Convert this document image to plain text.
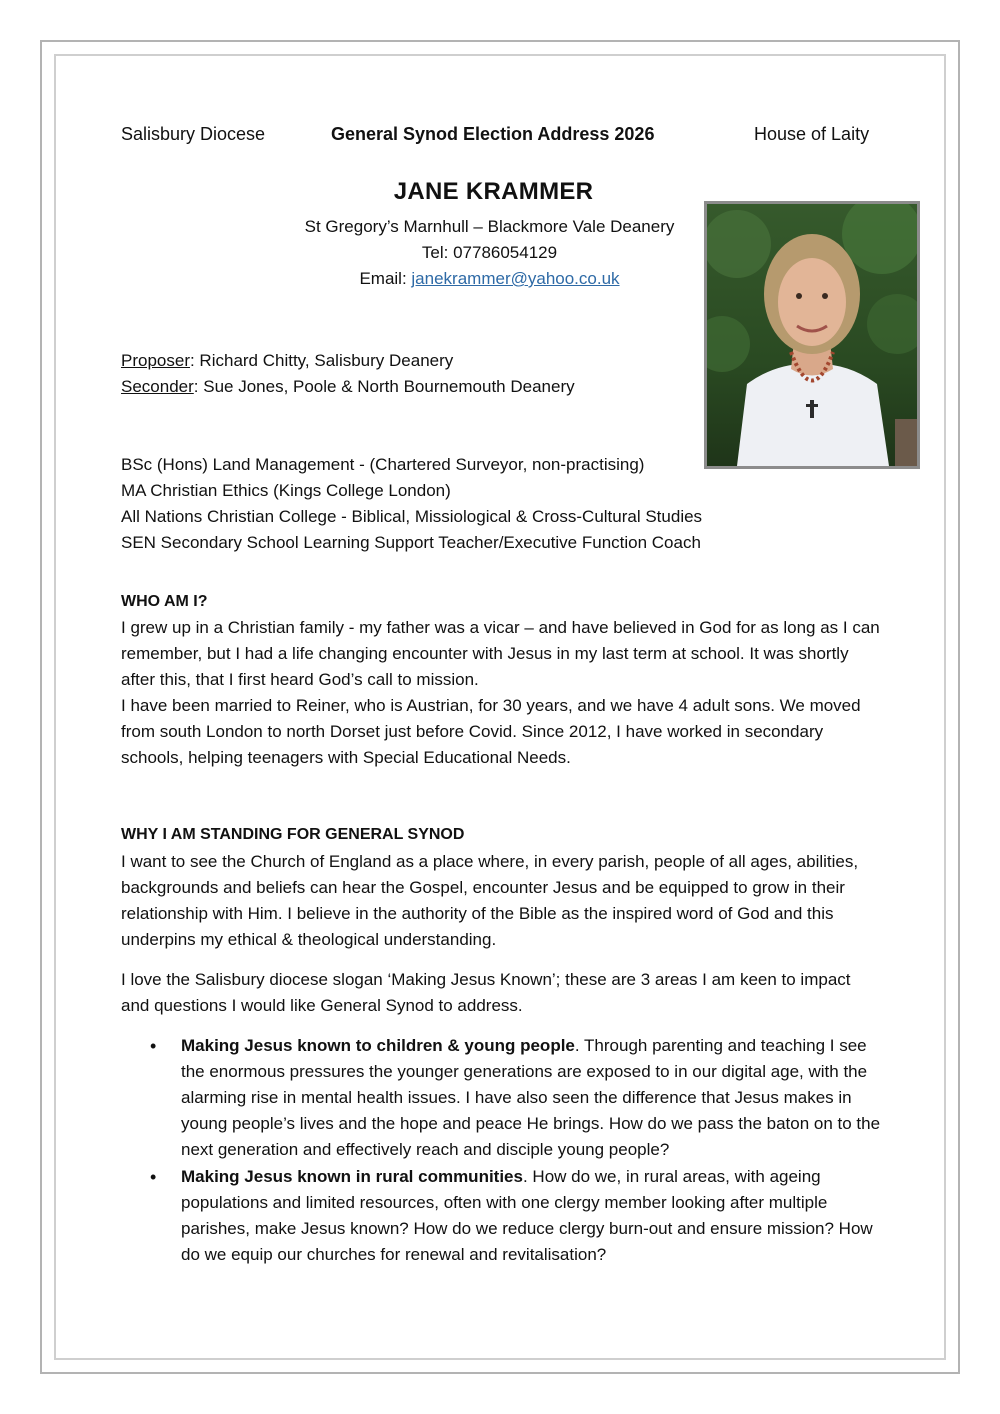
Salisbury Diocese	General Synod Election Address 2026	House of Laity
JANE KRAMMER
St Gregory’s Marnhull – Blackmore Vale Deanery
Tel: 07786054129
Email: janekrammer@yahoo.co.uk
Proposer: Richard Chitty, Salisbury Deanery
Seconder: Sue Jones, Poole & North Bournemouth Deanery
BSc (Hons) Land Management - (Chartered Surveyor, non-practising)
MA Christian Ethics (Kings College London)
All Nations Christian College - Biblical, Missiological & Cross-Cultural Studies
SEN Secondary School Learning Support Teacher/Executive Function Coach
WHO AM I?
I grew up in a Christian family - my father was a vicar – and have believed in God for as long as I can remember, but I had a life changing encounter with Jesus in my last term at school. It was shortly after this, that I first heard God’s call to mission.
I have been married to Reiner, who is Austrian, for 30 years, and we have 4 adult sons. We moved from south London to north Dorset just before Covid. Since 2012, I have worked in secondary schools, helping teenagers with Special Educational Needs.
WHY I AM STANDING FOR GENERAL SYNOD
I want to see the Church of England as a place where, in every parish, people of all ages, abilities, backgrounds and beliefs can hear the Gospel, encounter Jesus and be equipped to grow in their relationship with Him. I believe in the authority of the Bible as the inspired word of God and this underpins my ethical & theological understanding.
I love the Salisbury diocese slogan ‘Making Jesus Known’; these are 3 areas I am keen to impact and questions I would like General Synod to address.
• Making Jesus known to children & young people. Through parenting and teaching I see the enormous pressures the younger generations are exposed to in our digital age, with the alarming rise in mental health issues. I have also seen the difference that Jesus makes in young people’s lives and the hope and peace He brings. How do we pass the baton on to the next generation and effectively reach and disciple young people?
• Making Jesus known in rural communities. How do we, in rural areas, with ageing populations and limited resources, often with one clergy member looking after multiple parishes, make Jesus known? How do we reduce clergy burn-out and ensure mission? How do we equip our churches for renewal and revitalisation?
